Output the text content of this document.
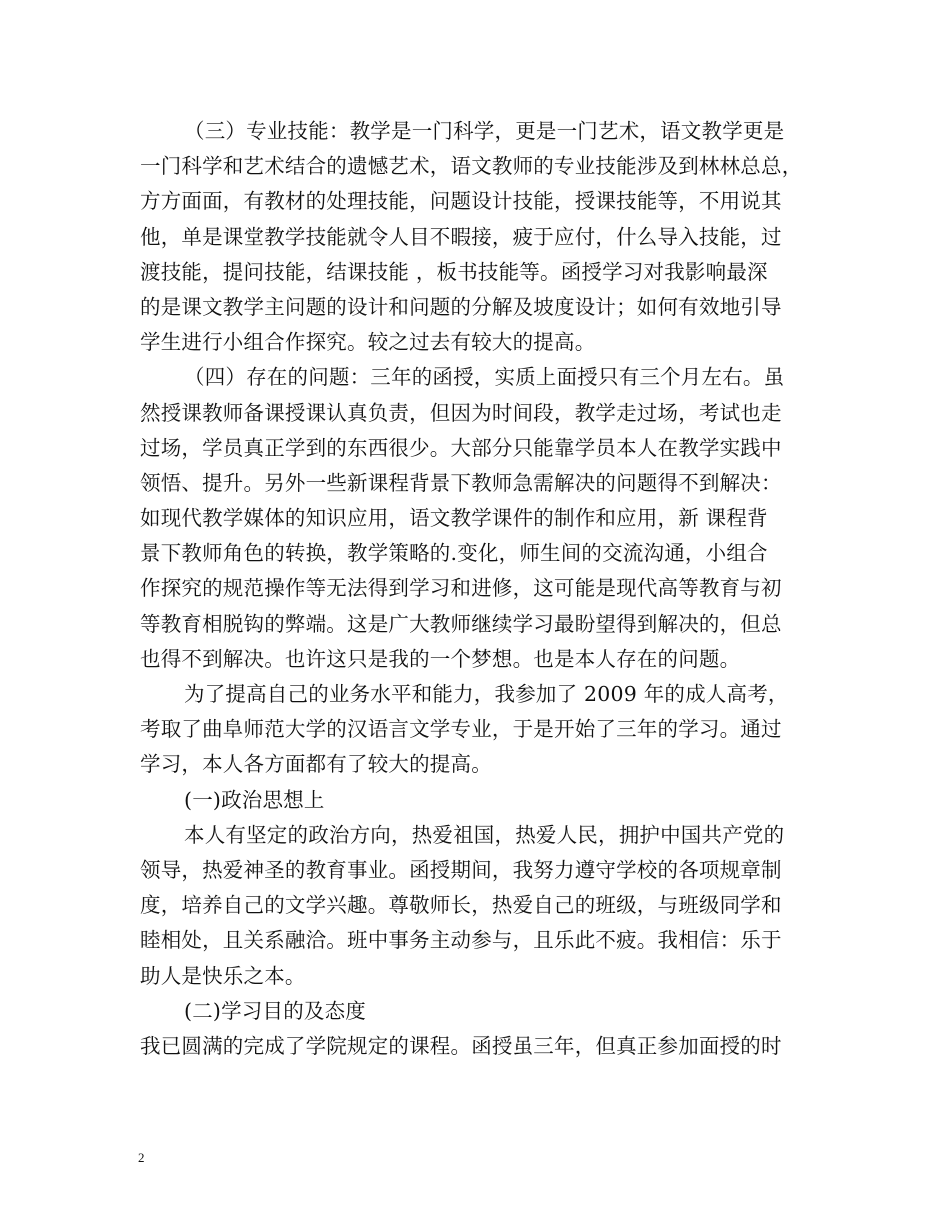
（三）专业技能：教学是一门科学，更是一门艺术，语文教学更是
一门科学和艺术结合的遗憾艺术，语文教师的专业技能涉及到林林总总，
方方面面，有教材的处理技能，问题设计技能，授课技能等，不用说其
他，单是课堂教学技能就令人目不暇接，疲于应付，什么导入技能，过
渡技能，提问技能，结课技能 ，板书技能等。函授学习对我影响最深
的是课文教学主问题的设计和问题的分解及坡度设计；如何有效地引导
学生进行小组合作探究。较之过去有较大的提高。
（四）存在的问题：三年的函授，实质上面授只有三个月左右。虽
然授课教师备课授课认真负责，但因为时间段，教学走过场，考试也走
过场，学员真正学到的东西很少。大部分只能靠学员本人在教学实践中
领悟、提升。另外一些新课程背景下教师急需解决的问题得不到解决：
如现代教学媒体的知识应用，语文教学课件的制作和应用，新 课程背
景下教师角色的转换，教学策略的.变化，师生间的交流沟通，小组合
作探究的规范操作等无法得到学习和进修，这可能是现代高等教育与初
等教育相脱钩的弊端。这是广大教师继续学习最盼望得到解决的，但总
也得不到解决。也许这只是我的一个梦想。也是本人存在的问题。
为了提高自己的业务水平和能力，我参加了 2009 年的成人高考，
考取了曲阜师范大学的汉语言文学专业，于是开始了三年的学习。通过
学习，本人各方面都有了较大的提高。
(一)政治思想上
本人有坚定的政治方向，热爱祖国，热爱人民，拥护中国共产党的
领导，热爱神圣的教育事业。函授期间，我努力遵守学校的各项规章制
度，培养自己的文学兴趣。尊敬师长，热爱自己的班级，与班级同学和
睦相处，且关系融洽。班中事务主动参与，且乐此不疲。我相信：乐于
助人是快乐之本。
(二)学习目的及态度
我已圆满的完成了学院规定的课程。函授虽三年，但真正参加面授的时
2
